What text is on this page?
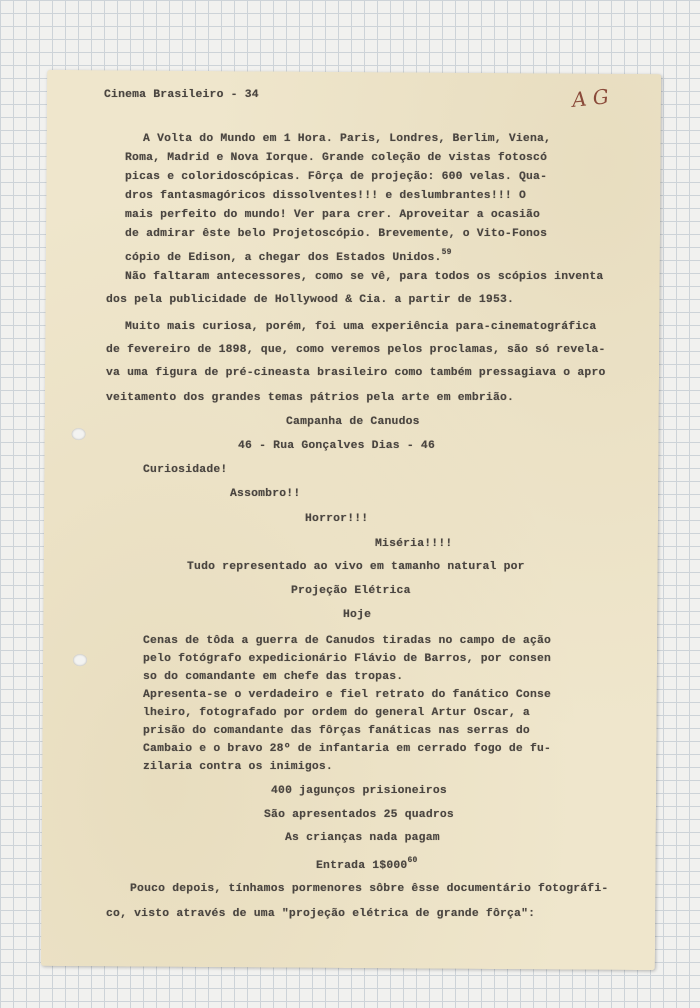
Cinema Brasileiro - 34	A G
A Volta do Mundo em 1 Hora. Paris, Londres, Berlim, Viena,
Roma, Madrid e Nova Iorque. Grande coleção de vistas fotoscó
picas e coloridoscópicas. Fôrça de projeção: 600 velas. Qua-
dros fantasmagóricos dissolventes!!! e deslumbrantes!!! O
mais perfeito do mundo! Ver para crer. Aproveitar a ocasião
de admirar êste belo Projetoscópio. Brevemente, o Vito-Fonos
cópio de Edison, a chegar dos Estados Unidos.$^{59}$
Não faltaram antecessores, como se vê, para todos os scópios inventa
dos pela publicidade de Hollywood & Cia. a partir de 1953.
Muito mais curiosa, porém, foi uma experiência para-cinematográfica
de fevereiro de 1898, que, como veremos pelos proclamas, são só revela-
va uma figura de pré-cineasta brasileiro como também pressagiava o apro
veitamento dos grandes temas pátrios pela arte em embrião.
Campanha de Canudos
46 - Rua Gonçalves Dias - 46
Curiosidade!
Assombro!!
Horror!!!
Miséria!!!!
Tudo representado ao vivo em tamanho natural por
Projeção Elétrica
Hoje
Cenas de tôda a guerra de Canudos tiradas no campo de ação
pelo fotógrafo expedicionário Flávio de Barros, por consen
so do comandante em chefe das tropas.
Apresenta-se o verdadeiro e fiel retrato do fanático Conse
lheiro, fotografado por ordem do general Artur Oscar, a
prisão do comandante das fôrças fanáticas nas serras do
Cambaio e o bravo 28º de infantaria em cerrado fogo de fu-
zilaria contra os inimigos.
400 jagunços prisioneiros
São apresentados 25 quadros
As crianças nada pagam
Entrada $1\$000^{60}$
Pouco depois, tínhamos pormenores sôbre êsse documentário fotográfi-
co, visto através de uma "projeção elétrica de grande fôrça":
